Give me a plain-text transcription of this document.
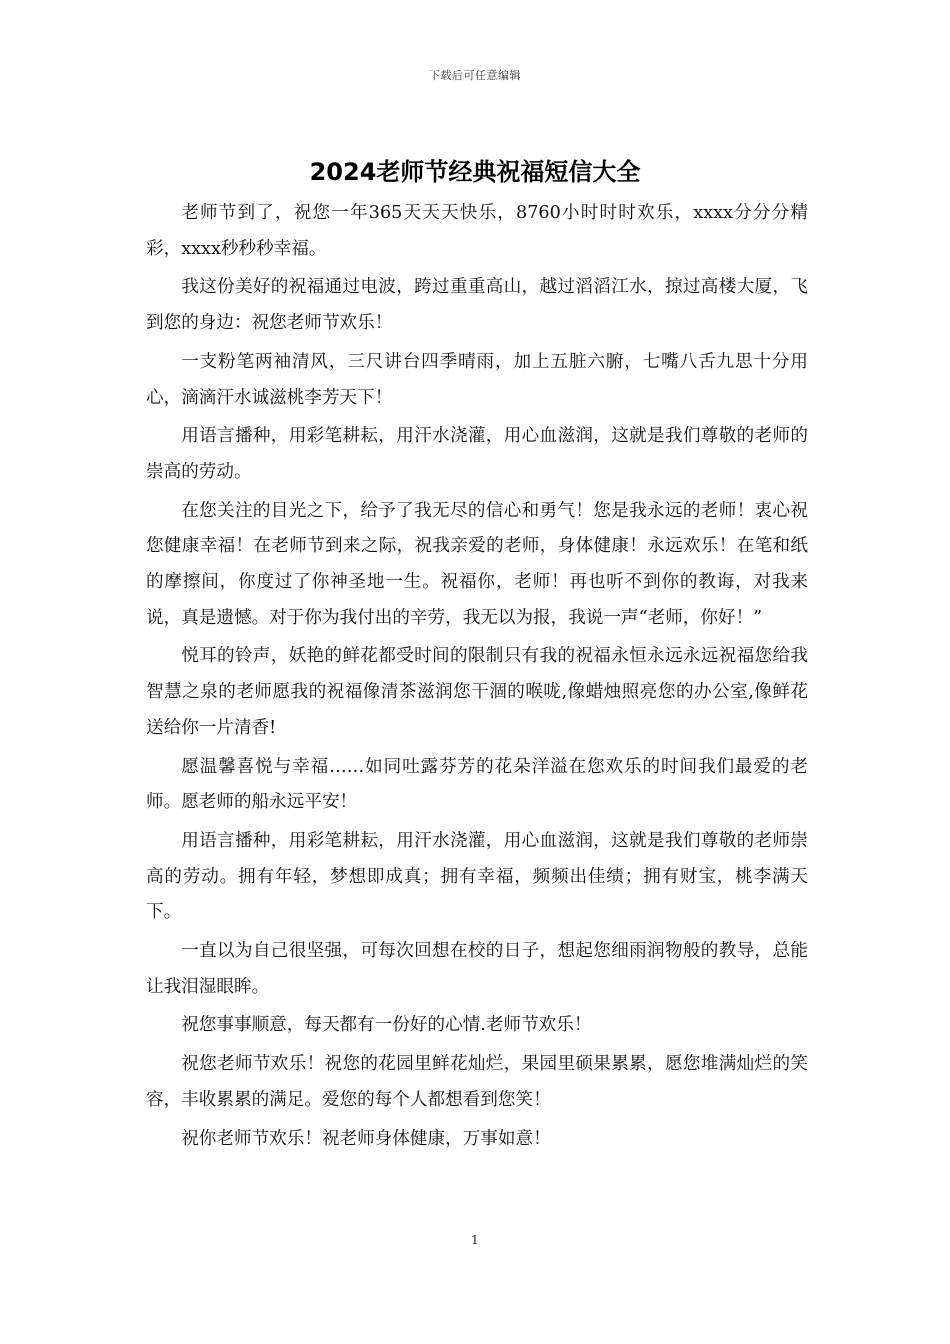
下载后可任意编辑
2024老师节经典祝福短信大全

老师节到了，祝您一年365天天天快乐，8760小时时时欢乐，xxxx分分分精彩，xxxx秒秒秒幸福。

我这份美好的祝福通过电波，跨过重重高山，越过滔滔江水，掠过高楼大厦，飞到您的身边：祝您老师节欢乐！

一支粉笔两袖清风，三尺讲台四季晴雨，加上五脏六腑，七嘴八舌九思十分用心，滴滴汗水诚滋桃李芳天下！

用语言播种，用彩笔耕耘，用汗水浇灌，用心血滋润，这就是我们尊敬的老师的崇高的劳动。

在您关注的目光之下，给予了我无尽的信心和勇气！您是我永远的老师！衷心祝您健康幸福！在老师节到来之际，祝我亲爱的老师，身体健康！永远欢乐！在笔和纸的摩擦间，你度过了你神圣地一生。祝福你，老师！再也听不到你的教诲，对我来说，真是遗憾。对于你为我付出的辛劳，我无以为报，我说一声“老师，你好！”

悦耳的铃声，妖艳的鲜花都受时间的限制只有我的祝福永恒永远永远祝福您给我智慧之泉的老师愿我的祝福像清茶滋润您干涸的喉咙,像蜡烛照亮您的办公室,像鲜花送给你一片清香!

愿温馨喜悦与幸福……如同吐露芬芳的花朵洋溢在您欢乐的时间我们最爱的老师。愿老师的船永远平安！

用语言播种，用彩笔耕耘，用汗水浇灌，用心血滋润，这就是我们尊敬的老师崇高的劳动。拥有年轻，梦想即成真；拥有幸福，频频出佳绩；拥有财宝，桃李满天下。

一直以为自己很坚强，可每次回想在校的日子，想起您细雨润物般的教导，总能让我泪湿眼眸。

祝您事事顺意，每天都有一份好的心情.老师节欢乐！

祝您老师节欢乐！祝您的花园里鲜花灿烂，果园里硕果累累，愿您堆满灿烂的笑容，丰收累累的满足。爱您的每个人都想看到您笑！

祝你老师节欢乐！祝老师身体健康，万事如意！

1
